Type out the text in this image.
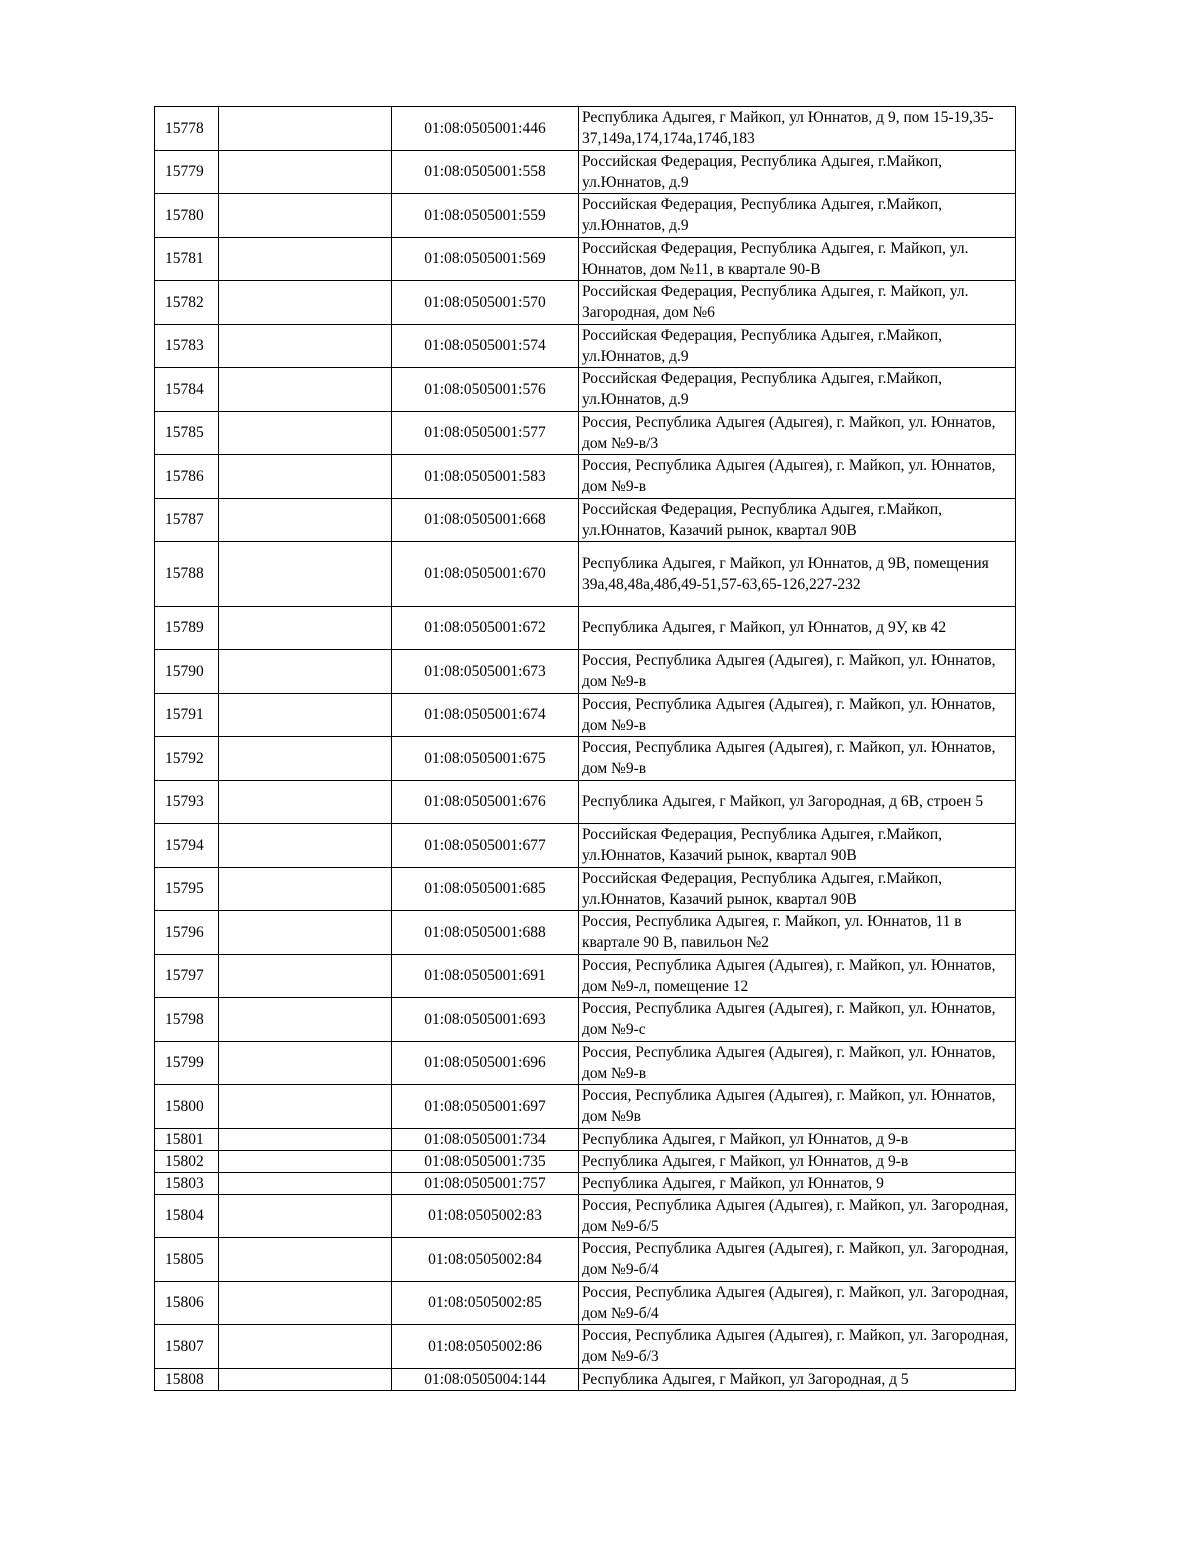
15778		01:08:0505001:446	Республика Адыгея, г Майкоп, ул Юннатов, д 9, пом 15-19,35-37,149а,174,174а,174б,183
15779		01:08:0505001:558	Российская Федерация, Республика Адыгея, г.Майкоп, ул.Юннатов, д.9
15780		01:08:0505001:559	Российская Федерация, Республика Адыгея, г.Майкоп, ул.Юннатов, д.9
15781		01:08:0505001:569	Российская Федерация, Республика Адыгея, г. Майкоп, ул. Юннатов, дом №11, в квартале 90-В
15782		01:08:0505001:570	Российская Федерация, Республика Адыгея, г. Майкоп, ул. Загородная, дом №6
15783		01:08:0505001:574	Российская Федерация, Республика Адыгея, г.Майкоп, ул.Юннатов, д.9
15784		01:08:0505001:576	Российская Федерация, Республика Адыгея, г.Майкоп, ул.Юннатов, д.9
15785		01:08:0505001:577	Россия, Республика Адыгея (Адыгея), г. Майкоп, ул. Юннатов, дом №9-в/3
15786		01:08:0505001:583	Россия, Республика Адыгея (Адыгея), г. Майкоп, ул. Юннатов, дом №9-в
15787		01:08:0505001:668	Российская Федерация, Республика Адыгея, г.Майкоп, ул.Юннатов, Казачий рынок, квартал 90В
15788		01:08:0505001:670	Республика Адыгея, г Майкоп, ул Юннатов, д 9В, помещения 39а,48,48а,48б,49-51,57-63,65-126,227-232
15789		01:08:0505001:672	Республика Адыгея, г Майкоп, ул Юннатов, д 9У, кв 42
15790		01:08:0505001:673	Россия, Республика Адыгея (Адыгея), г. Майкоп, ул. Юннатов, дом №9-в
15791		01:08:0505001:674	Россия, Республика Адыгея (Адыгея), г. Майкоп, ул. Юннатов, дом №9-в
15792		01:08:0505001:675	Россия, Республика Адыгея (Адыгея), г. Майкоп, ул. Юннатов, дом №9-в
15793		01:08:0505001:676	Республика Адыгея, г Майкоп, ул Загородная, д 6В, строен 5
15794		01:08:0505001:677	Российская Федерация, Республика Адыгея, г.Майкоп, ул.Юннатов, Казачий рынок, квартал 90В
15795		01:08:0505001:685	Российская Федерация, Республика Адыгея, г.Майкоп, ул.Юннатов, Казачий рынок, квартал 90В
15796		01:08:0505001:688	Россия, Республика Адыгея, г. Майкоп, ул. Юннатов, 11 в квартале 90 В, павильон №2
15797		01:08:0505001:691	Россия, Республика Адыгея (Адыгея), г. Майкоп, ул. Юннатов, дом №9-л, помещение 12
15798		01:08:0505001:693	Россия, Республика Адыгея (Адыгея), г. Майкоп, ул. Юннатов, дом №9-с
15799		01:08:0505001:696	Россия, Республика Адыгея (Адыгея), г. Майкоп, ул. Юннатов, дом №9-в
15800		01:08:0505001:697	Россия, Республика Адыгея (Адыгея), г. Майкоп, ул. Юннатов, дом №9в
15801		01:08:0505001:734	Республика Адыгея, г Майкоп, ул Юннатов, д 9-в
15802		01:08:0505001:735	Республика Адыгея, г Майкоп, ул Юннатов, д 9-в
15803		01:08:0505001:757	Республика Адыгея, г Майкоп, ул Юннатов, 9
15804		01:08:0505002:83	Россия, Республика Адыгея (Адыгея), г. Майкоп, ул. Загородная, дом №9-б/5
15805		01:08:0505002:84	Россия, Республика Адыгея (Адыгея), г. Майкоп, ул. Загородная, дом №9-б/4
15806		01:08:0505002:85	Россия, Республика Адыгея (Адыгея), г. Майкоп, ул. Загородная, дом №9-б/4
15807		01:08:0505002:86	Россия, Республика Адыгея (Адыгея), г. Майкоп, ул. Загородная, дом №9-б/3
15808		01:08:0505004:144	Республика Адыгея, г Майкоп, ул Загородная, д 5
